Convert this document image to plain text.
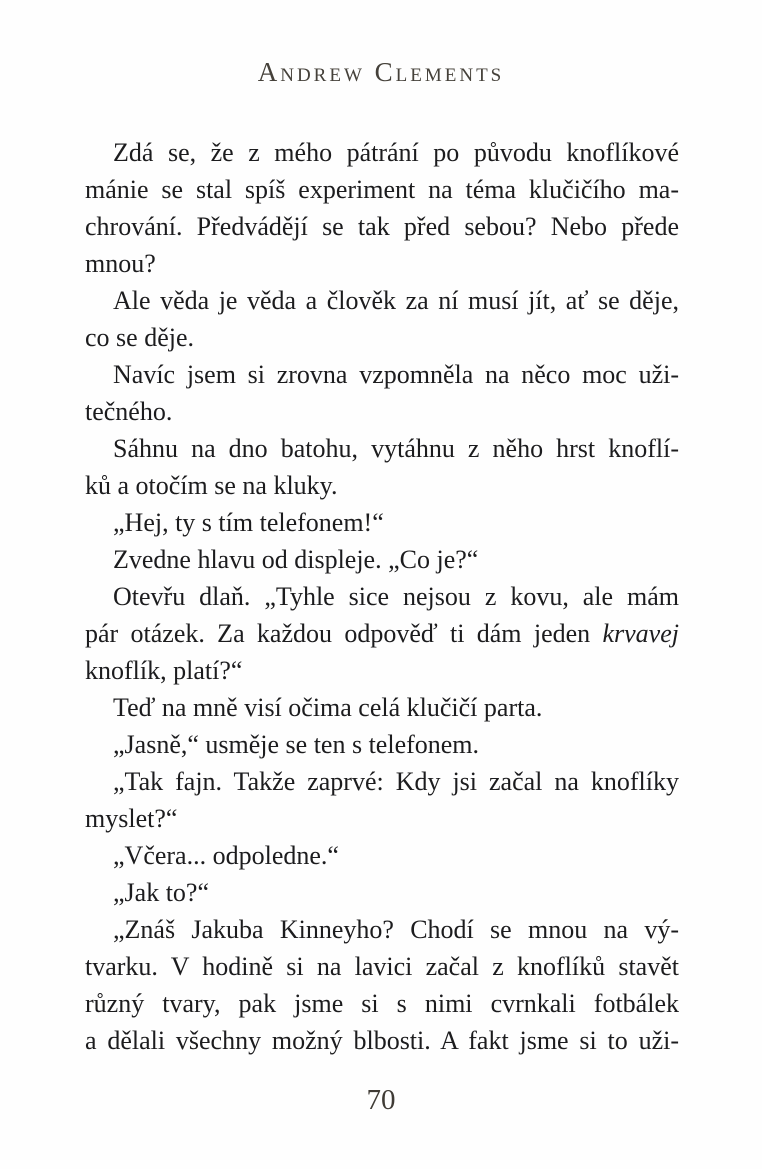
Andrew Clements
Zdá se, že z mého pátrání po původu knoflíkové
mánie se stal spíš experiment na téma klučičího ma-
chrování. Předvádějí se tak před sebou? Nebo přede
mnou?
Ale věda je věda a člověk za ní musí jít, ať se děje,
co se děje.
Navíc jsem si zrovna vzpomněla na něco moc uži-
tečného.
Sáhnu na dno batohu, vytáhnu z něho hrst knoflí-
ků a otočím se na kluky.
„Hej, ty s tím telefonem!“
Zvedne hlavu od displeje. „Co je?“
Otevřu dlaň. „Tyhle sice nejsou z kovu, ale mám
pár otázek. Za každou odpověď ti dám jeden krvavej
knoflík, platí?“
Teď na mně visí očima celá klučičí parta.
„Jasně,“ usměje se ten s telefonem.
„Tak fajn. Takže zaprvé: Kdy jsi začal na knoflíky
myslet?“
„Včera... odpoledne.“
„Jak to?“
„Znáš Jakuba Kinneyho? Chodí se mnou na vý-
tvarku. V hodině si na lavici začal z knoflíků stavět
různý tvary, pak jsme si s nimi cvrnkali fotbálek
a dělali všechny možný blbosti. A fakt jsme si to uži-
70
